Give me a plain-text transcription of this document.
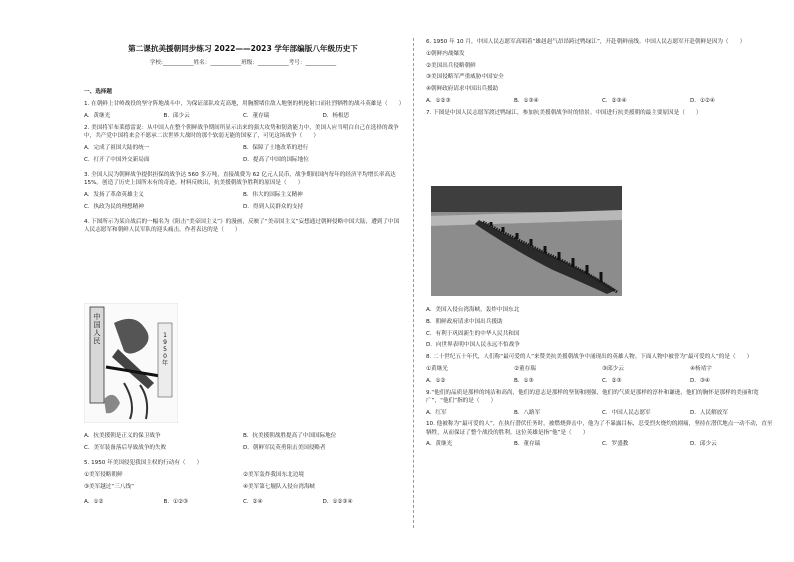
第二课抗美援朝同步练习 2022——2023 学年部编版八年级历史下
学校:___________姓名：___________班级：___________考号：___________
一、选择题
1. 在朝鲜上甘岭战役的坚守阵地战斗中，为保证部队攻克高地，用胸膛堵住敌人地堡的机枪射口而壮烈牺牲的战斗英雄是（　　）
A．黄继光	B．邱少云	C．董存瑞	D．杨根思
2. 美国将军布莱德雷说：从中国人在整个朝鲜战争期间所显示出来的强大攻势和韧劲能力中，美国人应当明白自己在选择的战争中，共产党中国将来会不愿承二次世界大战时的那个软弱无能的国家了，可见这场战争（　　）
A．完成了祖国大陆的统一	B．保障了土地改革的进行
C．打开了中国外交新局面	D．提高了中国的国际地位
3. 全国人民为朝鲜战争提供担保的战争达 560 多万吨，直接战费为 62 亿元人民币，战争期间国内每年的经济平均增长率高达 15%。创造了历史上国所未有的奇迹。材料反映出，抗美援朝战争胜利的原因是（　　）
A．发扬了革命英雄主义	B．伟大的国际主义精神
C．执政为民的理想精神	D．得到人民群众的支持
4. 下图所示为某自战后的一幅名为《阻击“美帝国主义”》的漫画，反映了“美帝国主义”妄想通过朝鲜侵略中国大陆，遭到了中国人民志愿军和朝鲜人民军队的迎头痛击。作者表达的是（　　）
中国人民
1 9 5 0 年
A．抗美援朝是正义的保卫战争	B．抗美援朝战胜提高了中国国际地位
C．美军装备落后导致战争的失败	D．朝鲜军民英勇阻击美国侵略者
5. 1950 年美国侵犯我国主权的行动有（　　）
①美军侵略朝鲜	②美军轰炸我国东北边境
③美军越过“三八线”	④美军第七舰队入侵台湾海峡
A．①②	B．①②③	C．②④	D．①②③④
6. 1950 年 10 月，中国人民志愿军高唱着“雄赳赳气昂昂跨过鸭绿江”，开赴朝鲜前线。中国人民志愿军开赴朝鲜是因为（　　）
①朝鲜内战爆发
②美国出兵侵略朝鲜
③美国侵略军严重威胁中国安全
④朝鲜政府请求中国出兵援助
A．①②③	B．①③④	C．②③④	D．①②④
7. 下图是中国人民志愿军渡过鸭绿江，参加抗美援朝战争时的情景。中国进行抗美援朝的最主要原因是（　　）
A．美国入侵台湾海峡，轰炸中国东北
B．朝鲜政府请求中国出兵援助
C．有利于巩固新生的中华人民共和国
D．向世界表明中国人民永远不怕战争
8. 二十世纪五十年代，人们称“最可爱的人”来赞美抗美援朝战争中涌现出的英雄人物。下面人物中被誉为“最可爱的人”的是（　　）
①黄继光	②董存瑞	③邱少云	④杨靖宇
A．①②	B．①③	C．②③	D．③④
9.“他们的品质是那样的纯洁和高尚，他们的意志是那样的坚韧和刚强，他们的气质是那样的淳朴和谦逊，他们的胸怀是那样的美丽和宽广”，“他们”指的是（　　）
A．红军	B．八路军	C．中国人民志愿军	D．人民解放军
10. 他被称为“最可爱的人”，在执行潜伏任务时，被燃烧弹击中，他为了不暴露目标，忍受烈火烧灼的剧痛，坚持在潜伏地点一动不动，直至牺牲，从而保证了整个战役的胜利。这位英雄是指“他”是（　　）
A．黄继光	B．董存瑞	C．罗盛教	D．邱少云
